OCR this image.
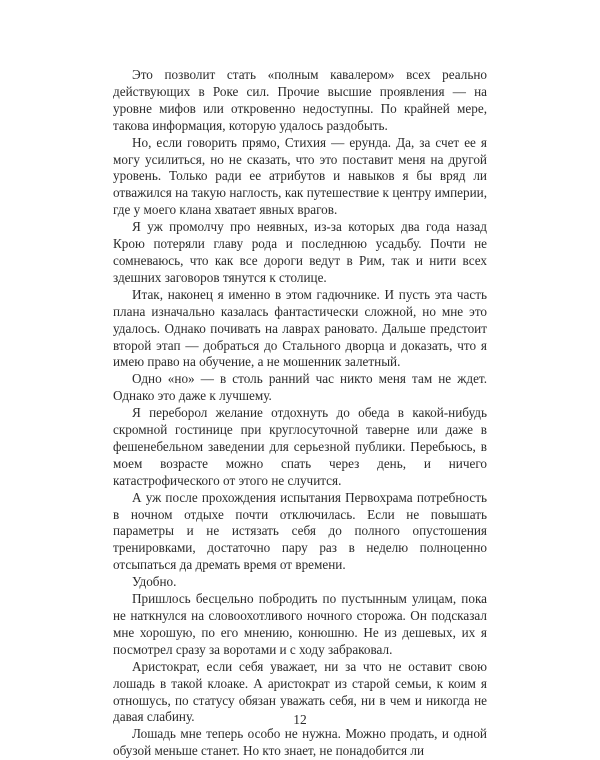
Это позволит стать «полным кавалером» всех реально действующих в Роке сил. Прочие высшие проявления — на уровне мифов или откровенно недоступны. По крайней мере, такова информация, которую удалось раздобыть.

Но, если говорить прямо, Стихия — ерунда. Да, за счет ее я могу усилиться, но не сказать, что это поставит меня на другой уровень. Только ради ее атрибутов и навыков я бы вряд ли отважился на такую наглость, как путешествие к центру империи, где у моего клана хватает явных врагов.

Я уж промолчу про неявных, из-за которых два года назад Крою потеряли главу рода и последнюю усадьбу. Почти не сомневаюсь, что как все дороги ведут в Рим, так и нити всех здешних заговоров тянутся к столице.

Итак, наконец я именно в этом гадючнике. И пусть эта часть плана изначально казалась фантастически сложной, но мне это удалось. Однако почивать на лаврах рановато. Дальше предстоит второй этап — добраться до Стального дворца и доказать, что я имею право на обучение, а не мошенник залетный.

Одно «но» — в столь ранний час никто меня там не ждет. Однако это даже к лучшему.

Я переборол желание отдохнуть до обеда в какой-нибудь скромной гостинице при круглосуточной таверне или даже в фешенебельном заведении для серьезной публики. Перебьюсь, в моем возрасте можно спать через день, и ничего катастрофического от этого не случится.

А уж после прохождения испытания Первохрама потребность в ночном отдыхе почти отключилась. Если не повышать параметры и не истязать себя до полного опустошения тренировками, достаточно пару раз в неделю полноценно отсыпаться да дремать время от времени.

Удобно.

Пришлось бесцельно побродить по пустынным улицам, пока не наткнулся на словоохотливого ночного сторожа. Он подсказал мне хорошую, по его мнению, конюшню. Не из дешевых, их я посмотрел сразу за воротами и с ходу забраковал.

Аристократ, если себя уважает, ни за что не оставит свою лошадь в такой клоаке. А аристократ из старой семьи, к коим я отношусь, по статусу обязан уважать себя, ни в чем и никогда не давая слабину.

Лошадь мне теперь особо не нужна. Можно продать, и одной обузой меньше станет. Но кто знает, не понадобится ли

12
